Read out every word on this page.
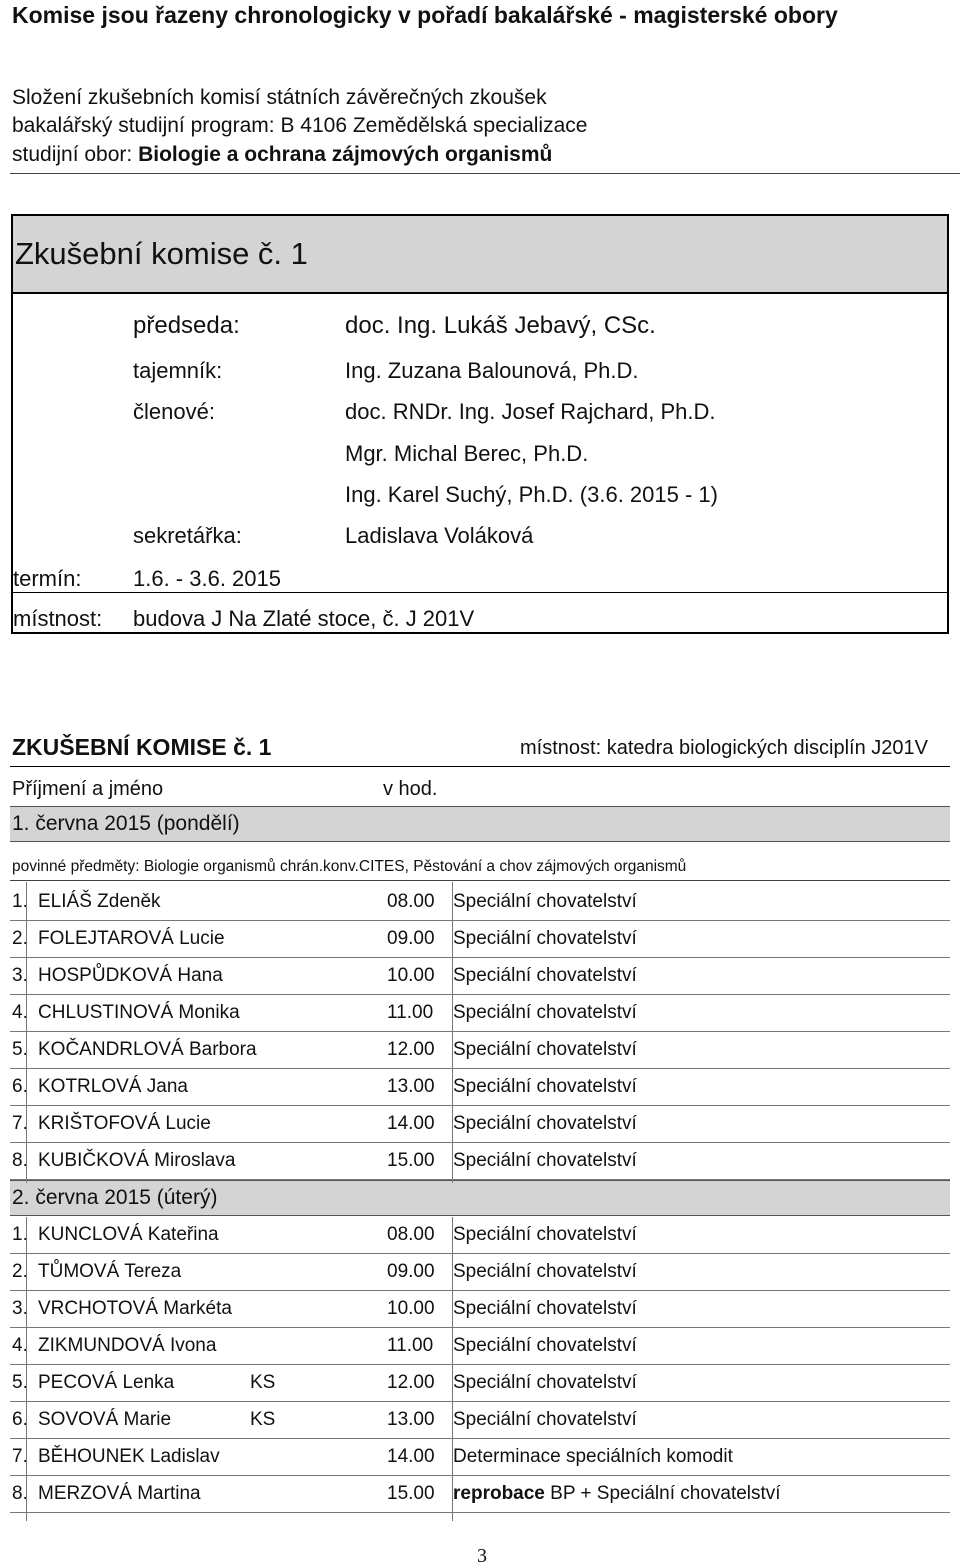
Komise jsou řazeny chronologicky v pořadí bakalářské - magisterské obory
Složení zkušebních komisí státních závěrečných zkoušek
bakalářský studijní program: B 4106 Zemědělská specializace
studijní obor: Biologie a ochrana zájmových organismů
Zkušební komise č. 1
předseda:	doc. Ing. Lukáš Jebavý, CSc.
tajemník:	Ing. Zuzana Balounová, Ph.D.
členové:	doc. RNDr. Ing. Josef Rajchard, Ph.D.
Mgr. Michal Berec, Ph.D.
Ing. Karel Suchý, Ph.D. (3.6. 2015 - 1)
sekretářka:	Ladislava Voláková
termín: 1.6. - 3.6. 2015
místnost: budova J Na Zlaté stoce, č. J 201V
ZKUŠEBNÍ KOMISE č. 1	místnost: katedra biologických disciplín J201V
Příjmení a jméno	v hod.
1. června 2015 (pondělí)
povinné předměty: Biologie organismů chrán.konv.CITES, Pěstování a chov zájmových organismů
1. ELIÁŠ Zdeněk	08.00 Speciální chovatelství
2. FOLEJTAROVÁ Lucie	09.00 Speciální chovatelství
3. HOSPŮDKOVÁ Hana	10.00 Speciální chovatelství
4. CHLUSTINOVÁ Monika	11.00 Speciální chovatelství
5. KOČANDRLOVÁ Barbora	12.00 Speciální chovatelství
6. KOTRLOVÁ Jana	13.00 Speciální chovatelství
7. KRIŠTOFOVÁ Lucie	14.00 Speciální chovatelství
8. KUBIČKOVÁ Miroslava	15.00 Speciální chovatelství
2. června 2015 (úterý)
1. KUNCLOVÁ Kateřina	08.00 Speciální chovatelství
2. TŮMOVÁ Tereza	09.00 Speciální chovatelství
3. VRCHOTOVÁ Markéta	10.00 Speciální chovatelství
4. ZIKMUNDOVÁ Ivona	11.00 Speciální chovatelství
5. PECOVÁ Lenka	KS	12.00 Speciální chovatelství
6. SOVOVÁ Marie	KS	13.00 Speciální chovatelství
7. BĚHOUNEK Ladislav	14.00 Determinace speciálních komodit
8. MERZOVÁ Martina	15.00 reprobace BP + Speciální chovatelství
3
